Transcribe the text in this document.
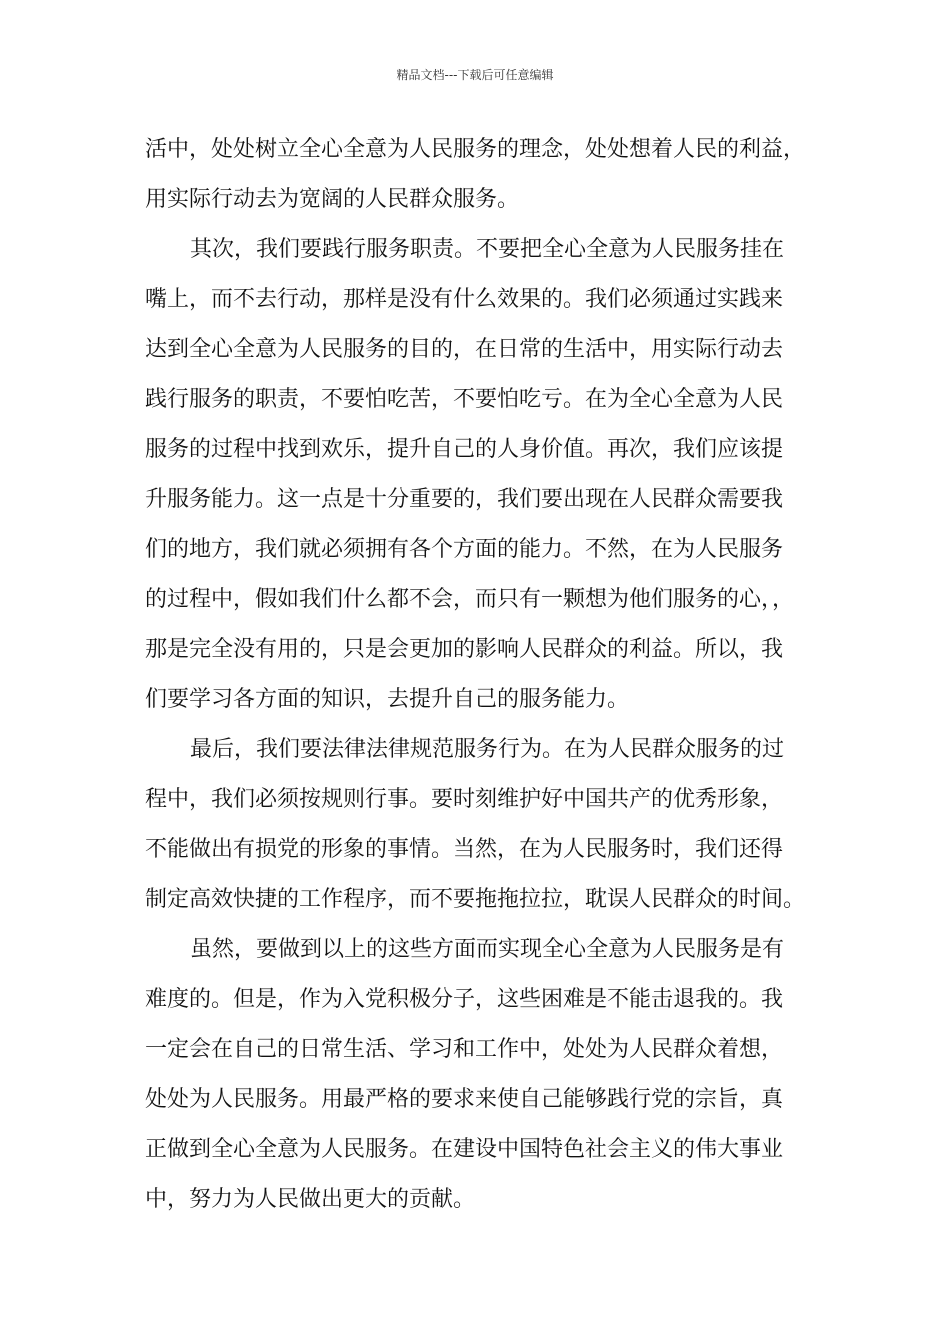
精品文档---下载后可任意编辑
活中，处处树立全心全意为人民服务的理念，处处想着人民的利益，
用实际行动去为宽阔的人民群众服务。
其次，我们要践行服务职责。不要把全心全意为人民服务挂在
嘴上，而不去行动，那样是没有什么效果的。我们必须通过实践来
达到全心全意为人民服务的目的，在日常的生活中，用实际行动去
践行服务的职责，不要怕吃苦，不要怕吃亏。在为全心全意为人民
服务的过程中找到欢乐，提升自己的人身价值。再次，我们应该提
升服务能力。这一点是十分重要的，我们要出现在人民群众需要我
们的地方，我们就必须拥有各个方面的能力。不然，在为人民服务
的过程中，假如我们什么都不会，而只有一颗想为他们服务的心，，
那是完全没有用的，只是会更加的影响人民群众的利益。所以，我
们要学习各方面的知识，去提升自己的服务能力。
最后，我们要法律法律规范服务行为。在为人民群众服务的过
程中，我们必须按规则行事。要时刻维护好中国共产的优秀形象，
不能做出有损党的形象的事情。当然，在为人民服务时，我们还得
制定高效快捷的工作程序，而不要拖拖拉拉，耽误人民群众的时间。
虽然，要做到以上的这些方面而实现全心全意为人民服务是有
难度的。但是，作为入党积极分子，这些困难是不能击退我的。我
一定会在自己的日常生活、学习和工作中，处处为人民群众着想，
处处为人民服务。用最严格的要求来使自己能够践行党的宗旨，真
正做到全心全意为人民服务。在建设中国特色社会主义的伟大事业
中，努力为人民做出更大的贡献。
